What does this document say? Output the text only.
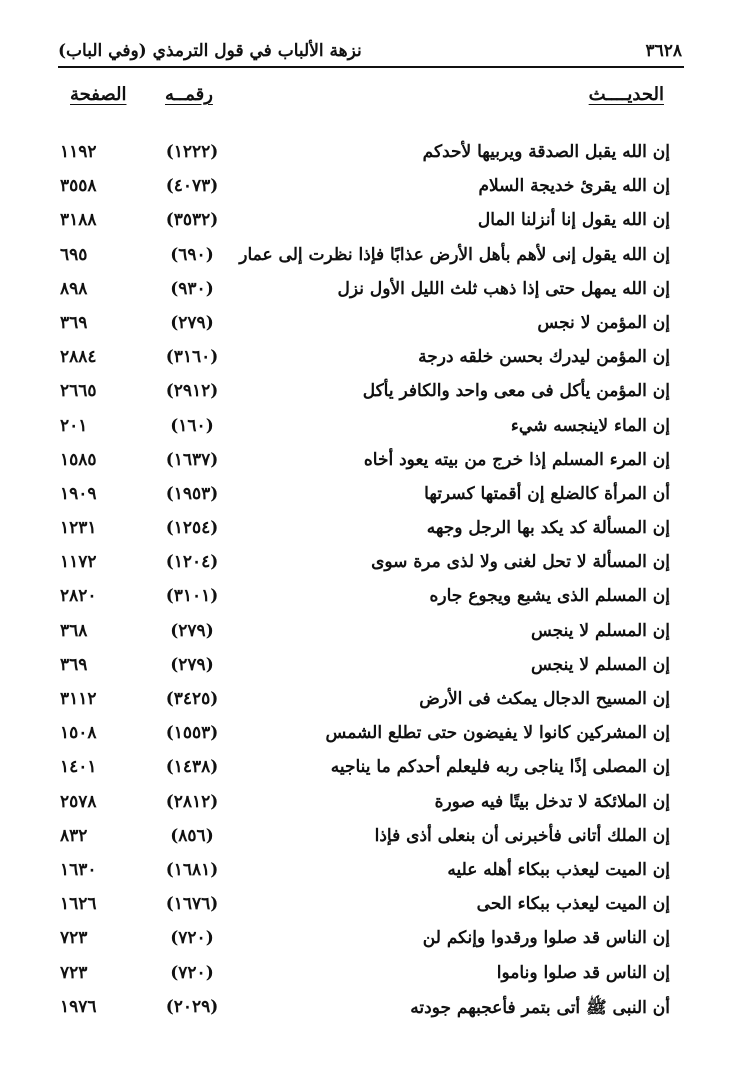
نزهة الألباب في قول الترمذي (وفي الباب)	٣٦٢٨
الحديــــث
رقمــه
الصفحة
إن الله يقبل الصدقة ويربيها لأحدكم
(١٢٢٢)
١١٩٢
إن الله يقرئ خديجة السلام
(٤٠٧٣)
٣٥٥٨
إن الله يقول إنا أنزلنا المال
(٣٥٣٢)
٣١٨٨
إن الله يقول إنى لأهم بأهل الأرض عذابًا فإذا نظرت إلى عمار
(٦٩٠)
٦٩٥
إن الله يمهل حتى إذا ذهب ثلث الليل الأول نزل
(٩٣٠)
٨٩٨
إن المؤمن لا نجس
(٢٧٩)
٣٦٩
إن المؤمن ليدرك بحسن خلقه درجة
(٣١٦٠)
٢٨٨٤
إن المؤمن يأكل فى معى واحد والكافر يأكل
(٢٩١٢)
٢٦٦٥
إن الماء لاينجسه شيء
(١٦٠)
٢٠١
إن المرء المسلم إذا خرج من بيته يعود أخاه
(١٦٣٧)
١٥٨٥
أن المرأة كالضلع إن أقمتها كسرتها
(١٩٥٣)
١٩٠٩
إن المسألة كد يكد بها الرجل وجهه
(١٢٥٤)
١٢٣١
إن المسألة لا تحل لغنى ولا لذى مرة سوى
(١٢٠٤)
١١٧٢
إن المسلم الذى يشبع ويجوع جاره
(٣١٠١)
٢٨٢٠
إن المسلم لا ينجس
(٢٧٩)
٣٦٨
إن المسلم لا ينجس
(٢٧٩)
٣٦٩
إن المسيح الدجال يمكث فى الأرض
(٣٤٢٥)
٣١١٢
إن المشركين كانوا لا يفيضون حتى تطلع الشمس
(١٥٥٣)
١٥٠٨
إن المصلى إذًا يناجى ربه فليعلم أحدكم ما يناجيه
(١٤٣٨)
١٤٠١
إن الملائكة لا تدخل بيتًا فيه صورة
(٢٨١٢)
٢٥٧٨
إن الملك أتانى فأخبرنى أن بنعلى أذى فإذا
(٨٥٦)
٨٣٢
إن الميت ليعذب ببكاء أهله عليه
(١٦٨١)
١٦٣٠
إن الميت ليعذب ببكاء الحى
(١٦٧٦)
١٦٢٦
إن الناس قد صلوا ورقدوا وإنكم لن
(٧٢٠)
٧٢٣
إن الناس قد صلوا وناموا
(٧٢٠)
٧٢٣
أن النبى ﷺ أتى بتمر فأعجبهم جودته
(٢٠٢٩)
١٩٧٦
